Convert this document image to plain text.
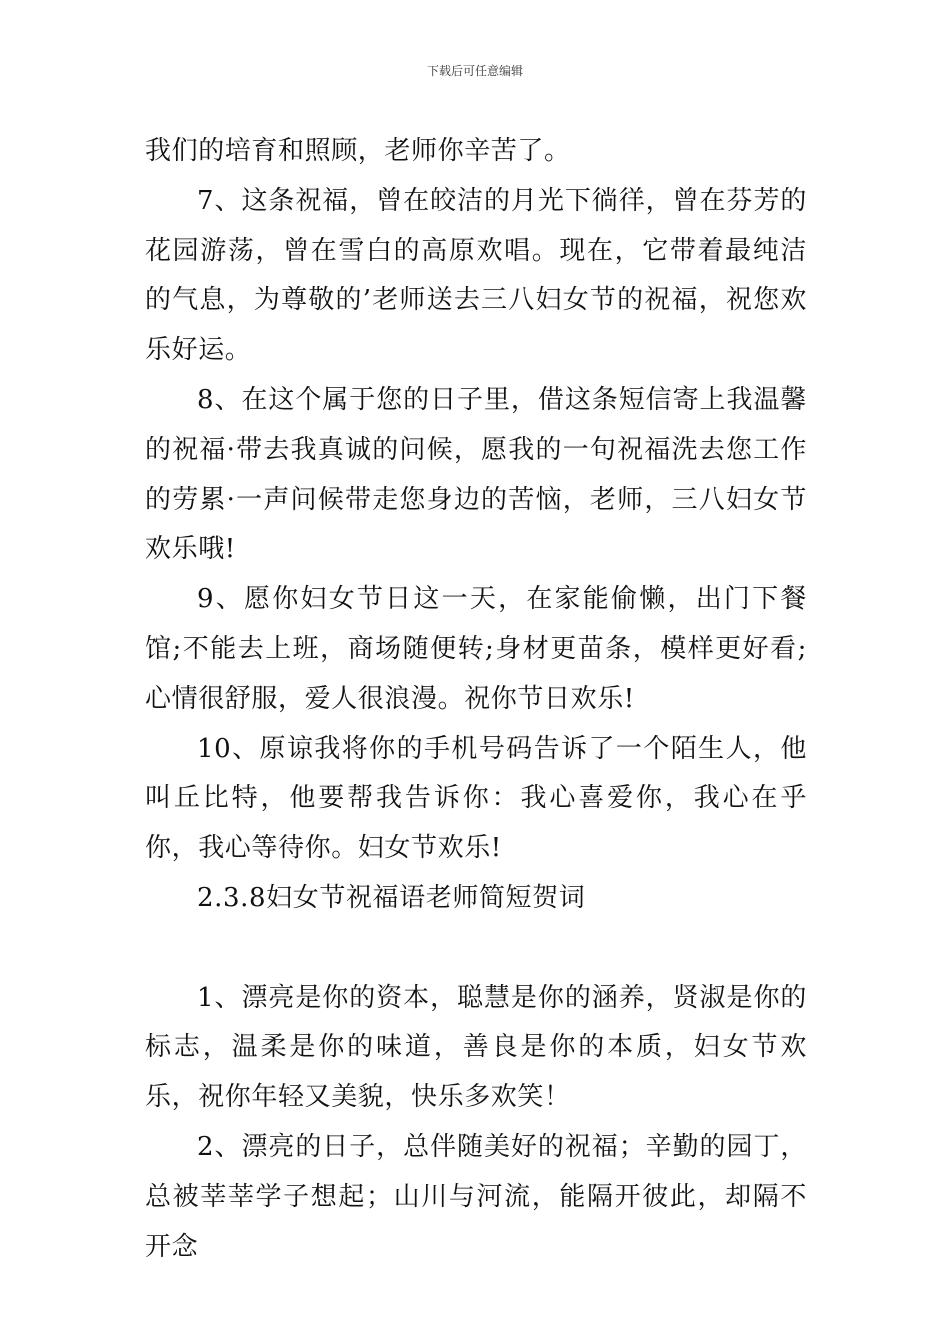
下载后可任意编辑

我们的培育和照顾，老师你辛苦了。

7、这条祝福，曾在皎洁的月光下徜徉，曾在芬芳的花园游荡，曾在雪白的高原欢唱。现在，它带着最纯洁的气息，为尊敬的’老师送去三八妇女节的祝福，祝您欢乐好运。

8、在这个属于您的日子里，借这条短信寄上我温馨的祝福·带去我真诚的问候，愿我的一句祝福洗去您工作的劳累·一声问候带走您身边的苦恼，老师，三八妇女节欢乐哦!

9、愿你妇女节日这一天，在家能偷懒，出门下餐馆;不能去上班，商场随便转;身材更苗条，模样更好看;心情很舒服，爱人很浪漫。祝你节日欢乐!

10、原谅我将你的手机号码告诉了一个陌生人，他叫丘比特，他要帮我告诉你：我心喜爱你，我心在乎你，我心等待你。妇女节欢乐!

2.3.8妇女节祝福语老师简短贺词

1、漂亮是你的资本，聪慧是你的涵养，贤淑是你的标志，温柔是你的味道，善良是你的本质，妇女节欢乐，祝你年轻又美貌，快乐多欢笑！

2、漂亮的日子，总伴随美好的祝福；辛勤的园丁，总被莘莘学子想起；山川与河流，能隔开彼此，却隔不开念
